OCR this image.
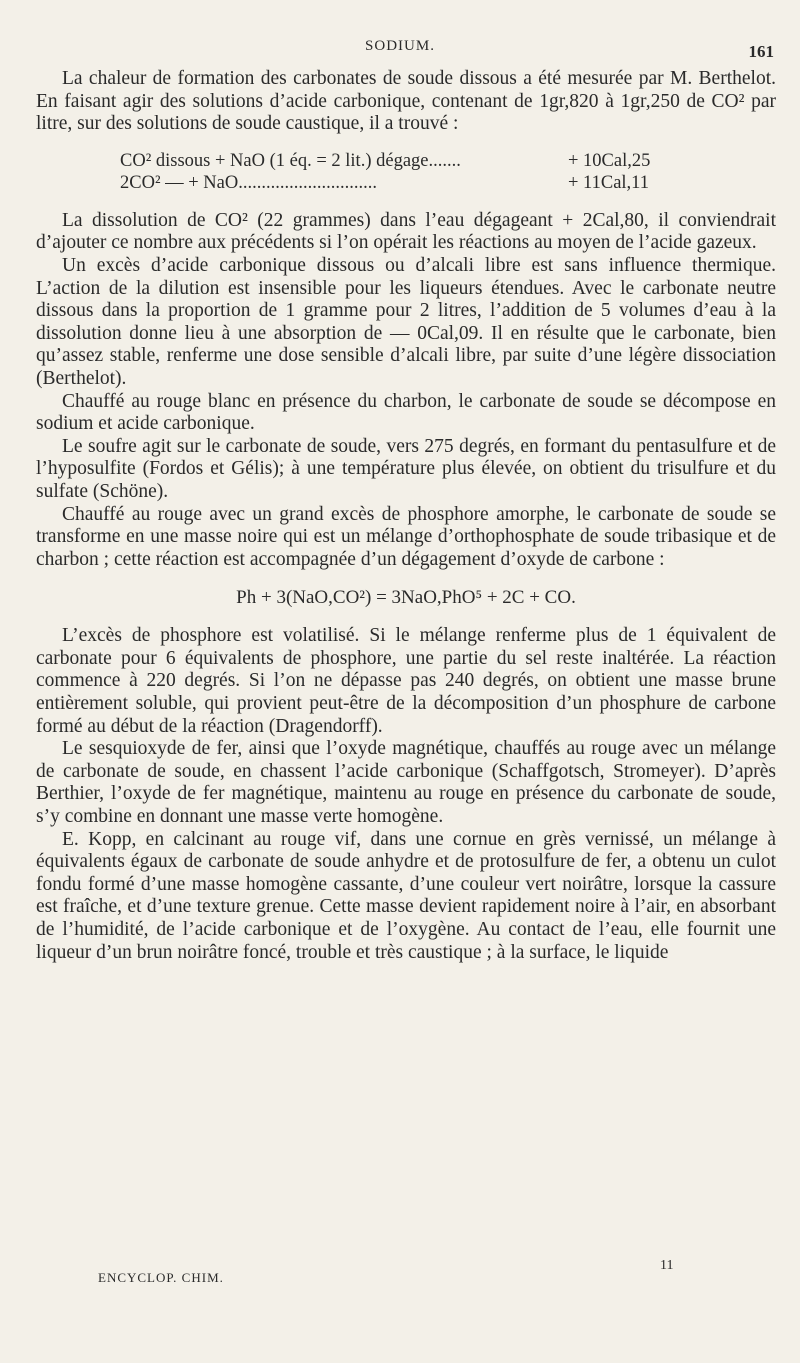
SODIUM.	161

La chaleur de formation des carbonates de soude dissous a été mesurée par M. Berthelot. En faisant agir des solutions d’acide carbonique, contenant de 1gr,820 à 1gr,250 de CO² par litre, sur des solutions de soude caustique, il a trouvé :

CO² dissous + NaO (1 éq. = 2 lit.) dégage.......	+ 10Cal,25
2CO² — + NaO..............................	+ 11Cal,11

La dissolution de CO² (22 grammes) dans l’eau dégageant + 2Cal,80, il conviendrait d’ajouter ce nombre aux précédents si l’on opérait les réactions au moyen de l’acide gazeux.

Un excès d’acide carbonique dissous ou d’alcali libre est sans influence thermique. L’action de la dilution est insensible pour les liqueurs étendues. Avec le carbonate neutre dissous dans la proportion de 1 gramme pour 2 litres, l’addition de 5 volumes d’eau à la dissolution donne lieu à une absorption de — 0Cal,09. Il en résulte que le carbonate, bien qu’assez stable, renferme une dose sensible d’alcali libre, par suite d’une légère dissociation (Berthelot).

Chauffé au rouge blanc en présence du charbon, le carbonate de soude se décompose en sodium et acide carbonique.

Le soufre agit sur le carbonate de soude, vers 275 degrés, en formant du pentasulfure et de l’hyposulfite (Fordos et Gélis); à une température plus élevée, on obtient du trisulfure et du sulfate (Schöne).

Chauffé au rouge avec un grand excès de phosphore amorphe, le carbonate de soude se transforme en une masse noire qui est un mélange d’orthophosphate de soude tribasique et de charbon ; cette réaction est accompagnée d’un dégagement d’oxyde de carbone :

Ph + 3(NaO,CO²) = 3NaO,PhO⁵ + 2C + CO.

L’excès de phosphore est volatilisé. Si le mélange renferme plus de 1 équivalent de carbonate pour 6 équivalents de phosphore, une partie du sel reste inaltérée. La réaction commence à 220 degrés. Si l’on ne dépasse pas 240 degrés, on obtient une masse brune entièrement soluble, qui provient peut-être de la décomposition d’un phosphure de carbone formé au début de la réaction (Dragendorff).

Le sesquioxyde de fer, ainsi que l’oxyde magnétique, chauffés au rouge avec un mélange de carbonate de soude, en chassent l’acide carbonique (Schaffgotsch, Stromeyer). D’après Berthier, l’oxyde de fer magnétique, maintenu au rouge en présence du carbonate de soude, s’y combine en donnant une masse verte homogène.

E. Kopp, en calcinant au rouge vif, dans une cornue en grès vernissé, un mélange à équivalents égaux de carbonate de soude anhydre et de protosulfure de fer, a obtenu un culot fondu formé d’une masse homogène cassante, d’une couleur vert noirâtre, lorsque la cassure est fraîche, et d’une texture grenue. Cette masse devient rapidement noire à l’air, en absorbant de l’humidité, de l’acide carbonique et de l’oxygène. Au contact de l’eau, elle fournit une liqueur d’un brun noirâtre foncé, trouble et très caustique ; à la surface, le liquide

ENCYCLOP. CHIM.
11
